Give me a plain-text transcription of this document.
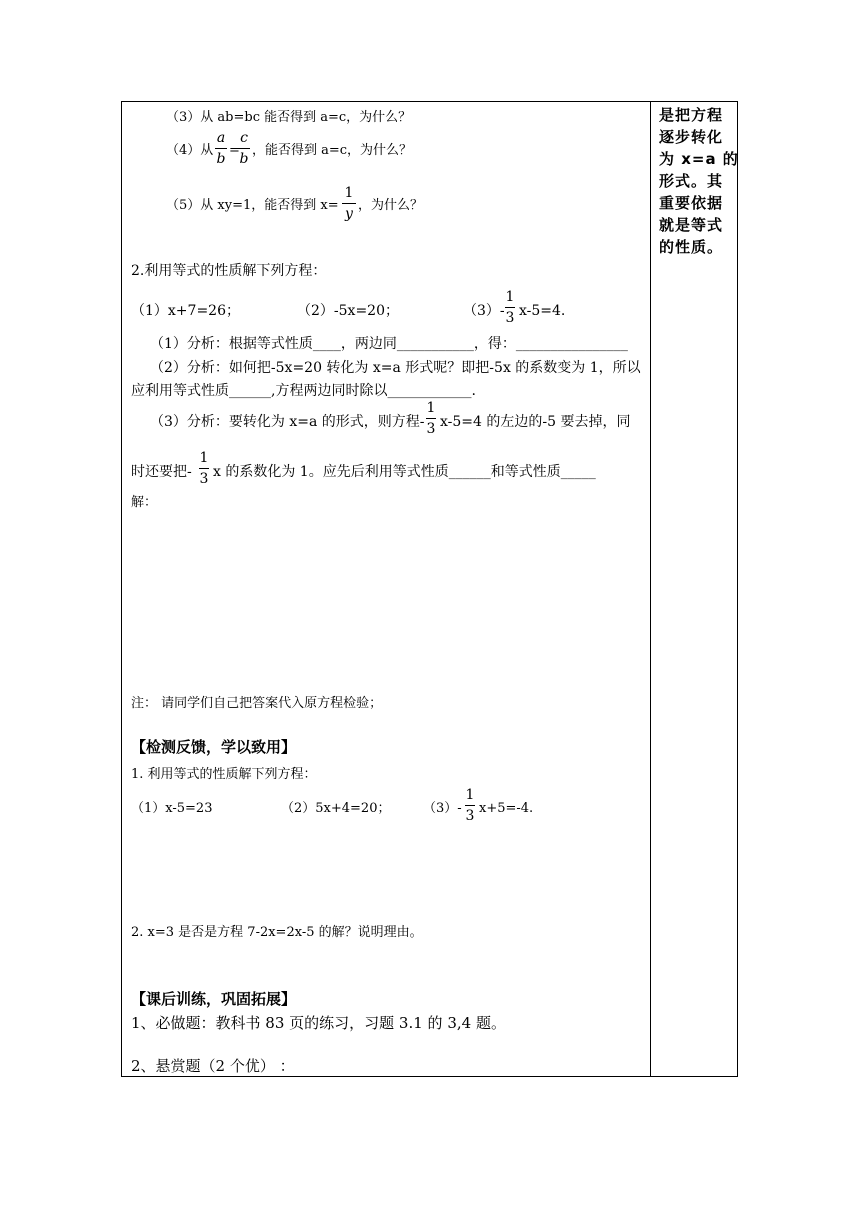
（3）从 ab=bc 能否得到 a=c，为什么？
（4）从
a
b
=
c
b
，能否得到 a=c，为什么？
（5）从 xy=1，能否得到 x=
1
y
，为什么？
2.利用等式的性质解下列方程：
（1）x+7=26；	（2）-5x=20；	（3）-
1
3 x-5=4.
（1）分析：根据等式性质____，两边同___________，得：________________
（2）分析：如何把-5x=20 转化为 x=a 形式呢？即把-5x 的系数变为 1，所以
应利用等式性质______,方程两边同时除以____________.
（3）分析：要转化为 x=a 的形式，则方程-
1
3 x-5=4 的左边的-5 要去掉，同
时还要把-
1
3 x 的系数化为 1。应先后利用等式性质______和等式性质_____
解：
注： 请同学们自己把答案代入原方程检验；
【检测反馈，学以致用】
1. 利用等式的性质解下列方程：
（1）x-5=23	（2）5x+4=20；	（3）-
1
3 x+5=-4.
2. x=3 是否是方程 7-2x=2x-5 的解？说明理由。
【课后训练，巩固拓展】
1、必做题：教科书 83 页的练习，习题 3.1 的 3,4 题。
2、悬赏题（2 个优） ：
是把方程
逐步转化
为 x=a 的
形式。其
重要依据
就是等式
的性质。
